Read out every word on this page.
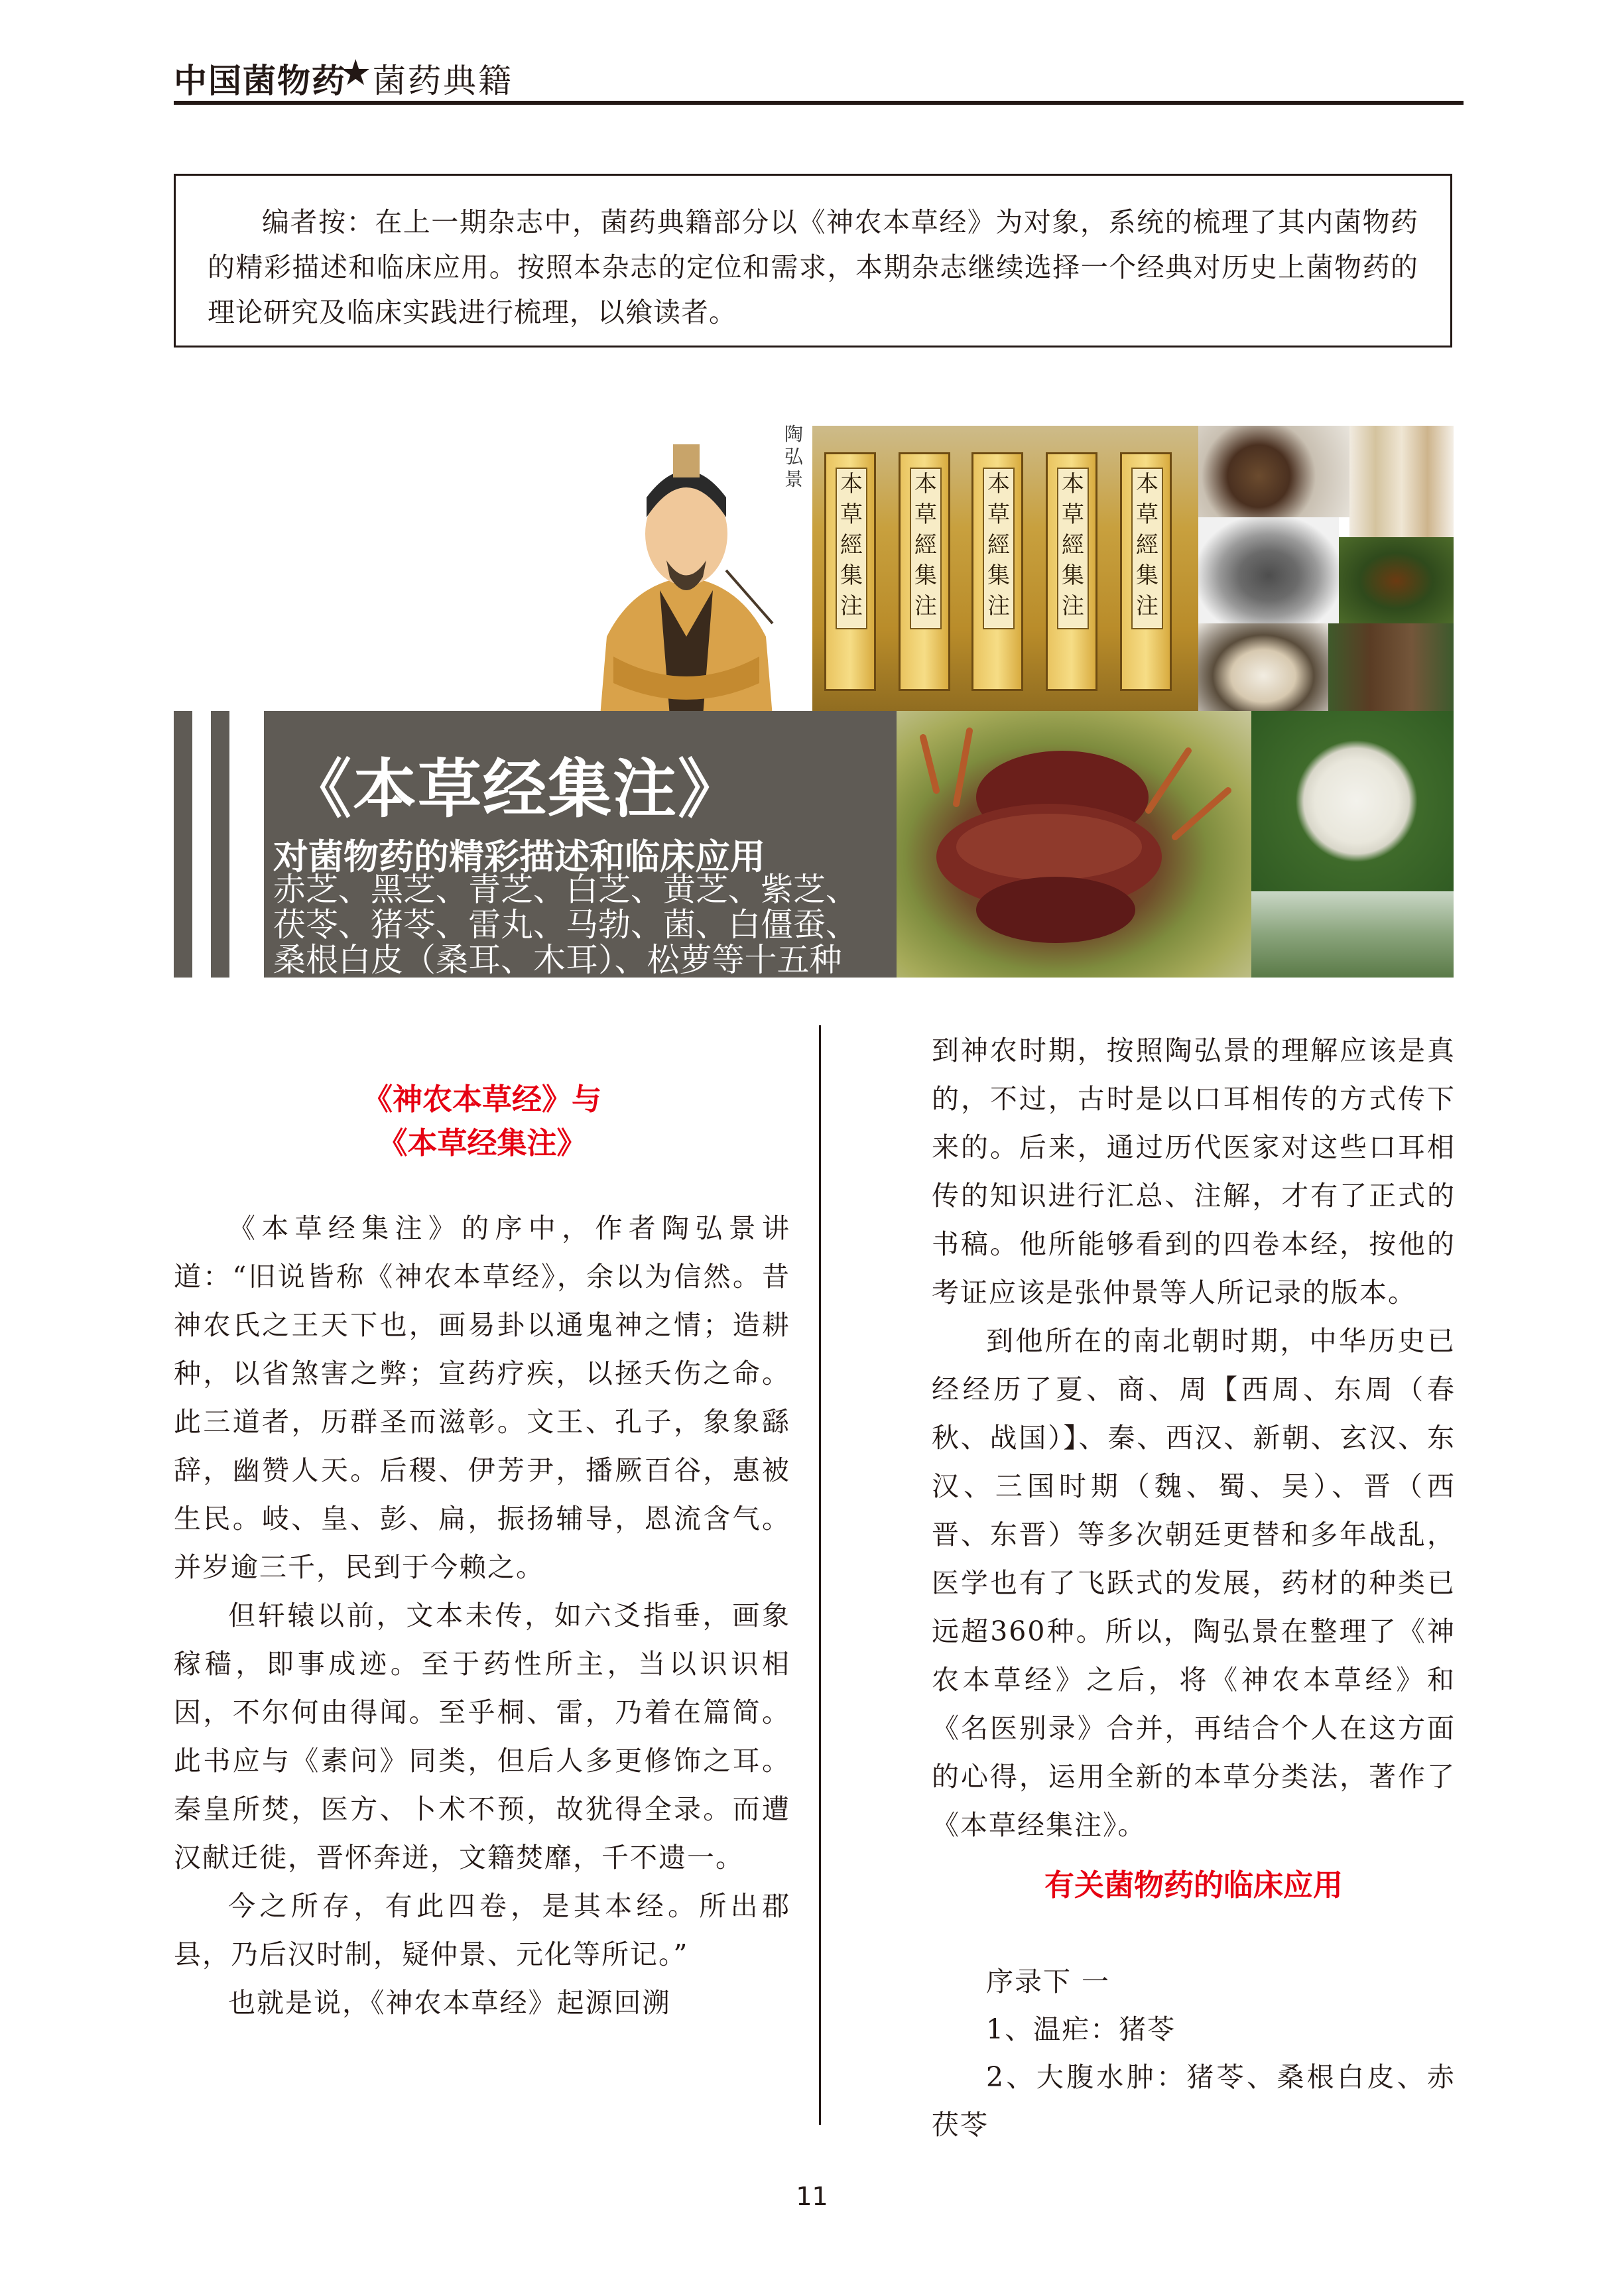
中国菌物药
★ 菌药典籍
编者按：在上一期杂志中，菌药典籍部分以《神农本草经》为对象，系统的梳理了其内菌物药的精彩描述和临床应用。按照本杂志的定位和需求，本期杂志继续选择一个经典对历史上菌物药的理论研究及临床实践进行梳理，以飨读者。
陶
弘
景 本
草
經
集
注
本
草
經
集
注
本
草
經
集
注
本
草
經
集
注
本
草
經
集
注
《本草经集注》
对菌物药的精彩描述和临床应用
赤芝、黑芝、青芝、白芝、黄芝、紫芝、
茯苓、猪苓、雷丸、马勃、菌、白僵蚕、
桑根白皮（桑耳、木耳）、松萝等十五种
《神农本草经》与
《本草经集注》

《本草经集注》的序中，作者陶弘景讲道：“旧说皆称《神农本草经》，余以为信然。昔神农氏之王天下也，画易卦以通鬼神之情；造耕种，以省煞害之弊；宣药疗疾，以拯夭伤之命。此三道者，历群圣而滋彰。文王、孔子，象象繇辞，幽赞人天。后稷、伊芳尹，播厥百谷，惠被生民。岐、皇、彭、扁，振扬辅导，恩流含气。并岁逾三千，民到于今赖之。

但轩辕以前，文本未传，如六爻指垂，画象稼穑，即事成迹。至于药性所主，当以识识相因，不尔何由得闻。至乎桐、雷，乃着在篇简。此书应与《素问》同类，但后人多更修饰之耳。秦皇所焚，医方、卜术不预，故犹得全录。而遭汉献迁徙，晋怀奔迸，文籍焚靡，千不遗一。

今之所存，有此四卷，是其本经。所出郡县，乃后汉时制，疑仲景、元化等所记。”

也就是说，《神农本草经》起源回溯

到神农时期，按照陶弘景的理解应该是真的，不过，古时是以口耳相传的方式传下来的。后来，通过历代医家对这些口耳相传的知识进行汇总、注解，才有了正式的书稿。他所能够看到的四卷本经，按他的考证应该是张仲景等人所记录的版本。

到他所在的南北朝时期，中华历史已经经历了夏、商、周【西周、东周（春秋、战国）】、秦、西汉、新朝、玄汉、东汉、三国时期（魏、蜀、吴）、晋（西晋、东晋）等多次朝廷更替和多年战乱，医学也有了飞跃式的发展，药材的种类已远超360种。所以，陶弘景在整理了《神农本草经》之后，将《神农本草经》和《名医别录》合并，再结合个人在这方面的心得，运用全新的本草分类法，著作了《本草经集注》。

有关菌物药的临床应用
序录下 一
1、温疟：猪苓
2、大腹水肿：猪苓、桑根白皮、赤茯苓
11
